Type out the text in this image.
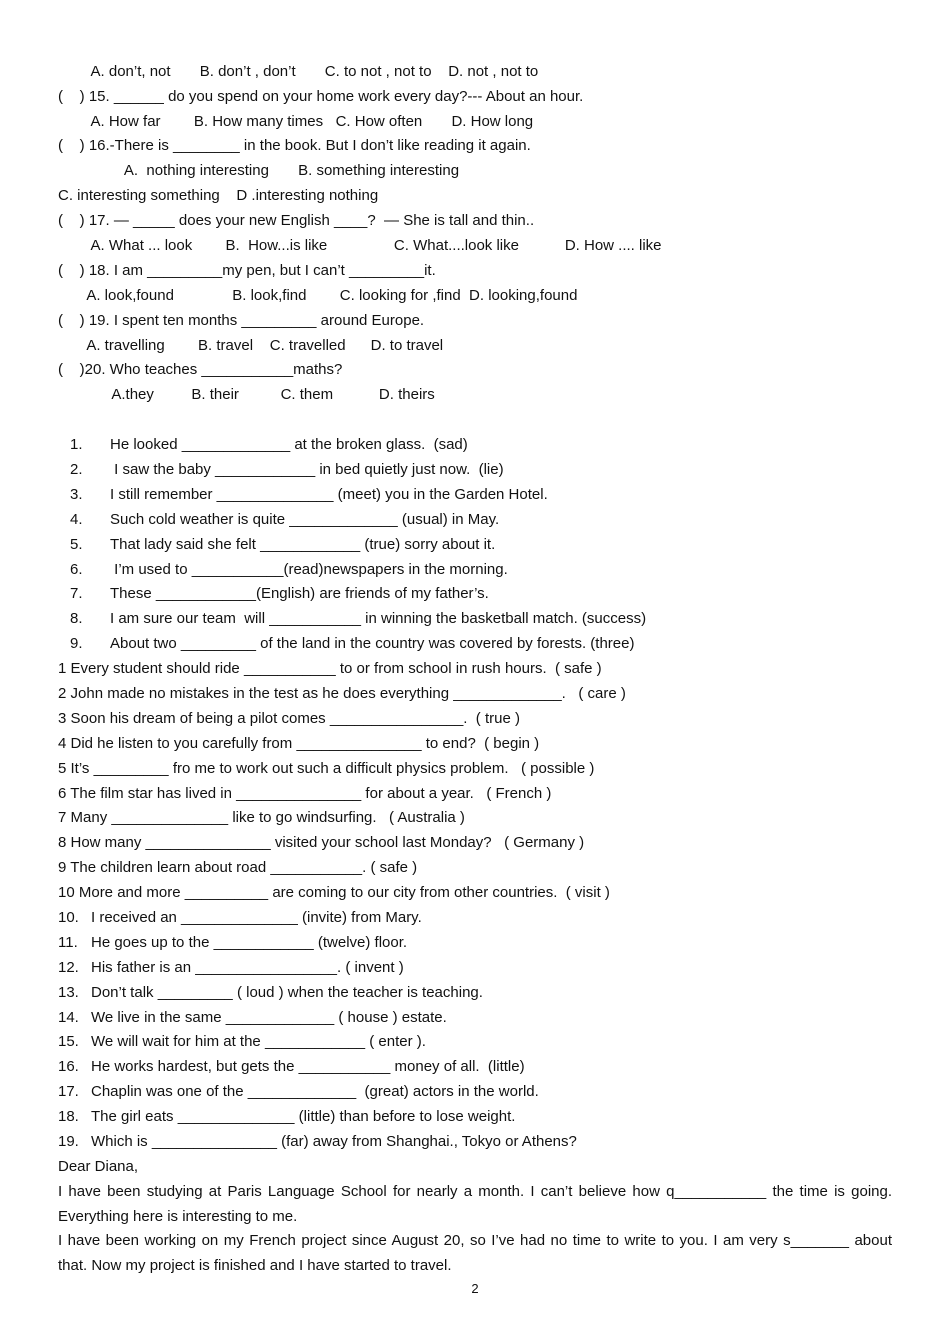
A. don’t, not       B. don’t , don’t       C. to not , not to    D. not , not to
(    ) 15. ______ do you spend on your home work every day?--- About an hour.
A. How far        B. How many times   C. How often       D. How long
(    ) 16.-There is ________ in the book. But I don’t like reading it again.
A.  nothing interesting       B. something interesting
C. interesting something    D .interesting nothing
(    ) 17. — _____ does your new English ____?  — She is tall and thin..
A. What ... look        B.  How...is like                C. What....look like           D. How .... like
(    ) 18. I am _________my pen, but I can’t _________it.
A. look,found              B. look,find        C. looking for ,find  D. looking,found
(    ) 19. I spent ten months _________ around Europe.
A. travelling        B. travel    C. travelled      D. to travel
(    )20. Who teaches ___________maths?
A.they         B. their          C. them           D. theirs
1.	He looked _____________ at the broken glass.  (sad)
2.	I saw the baby ____________ in bed quietly just now.  (lie)
3.	I still remember ______________ (meet) you in the Garden Hotel.
4.	Such cold weather is quite _____________ (usual) in May.
5.	That lady said she felt ____________ (true) sorry about it.
6.	I’m used to ___________(read)newspapers in the morning.
7.	These ____________(English) are friends of my father’s.
8.	I am sure our team  will ___________ in winning the basketball match. (success)
9.	About two _________ of the land in the country was covered by forests. (three)
1 Every student should ride ___________ to or from school in rush hours.  ( safe )
2 John made no mistakes in the test as he does everything _____________.   ( care )
3 Soon his dream of being a pilot comes ________________.  ( true )
4 Did he listen to you carefully from _______________ to end?  ( begin )
5 It’s _________ fro me to work out such a difficult physics problem.   ( possible )
6 The film star has lived in _______________ for about a year.   ( French )
7 Many ______________ like to go windsurfing.   ( Australia )
8 How many _______________ visited your school last Monday?   ( Germany )
9 The children learn about road ___________. ( safe )
10 More and more __________ are coming to our city from other countries.  ( visit )
10. I received an ______________ (invite) from Mary.
11. He goes up to the ____________ (twelve) floor.
12. His father is an _________________. ( invent )
13. Don’t talk _________ ( loud ) when the teacher is teaching.
14. We live in the same _____________ ( house ) estate.
15. We will wait for him at the ____________ ( enter ).
16. He works hardest, but gets the ___________ money of all.  (little)
17. Chaplin was one of the _____________  (great) actors in the world.
18. The girl eats ______________ (little) than before to lose weight.
19. Which is _______________ (far) away from Shanghai., Tokyo or Athens?
Dear Diana,
I have been studying at Paris Language School for nearly a month. I can’t believe how q___________ the time is going.
Everything here is interesting to me.
I have been working on my French project since August 20, so I’ve had no time to write to you. I am very s_______ about
that. Now my project is finished and I have started to travel.
2
